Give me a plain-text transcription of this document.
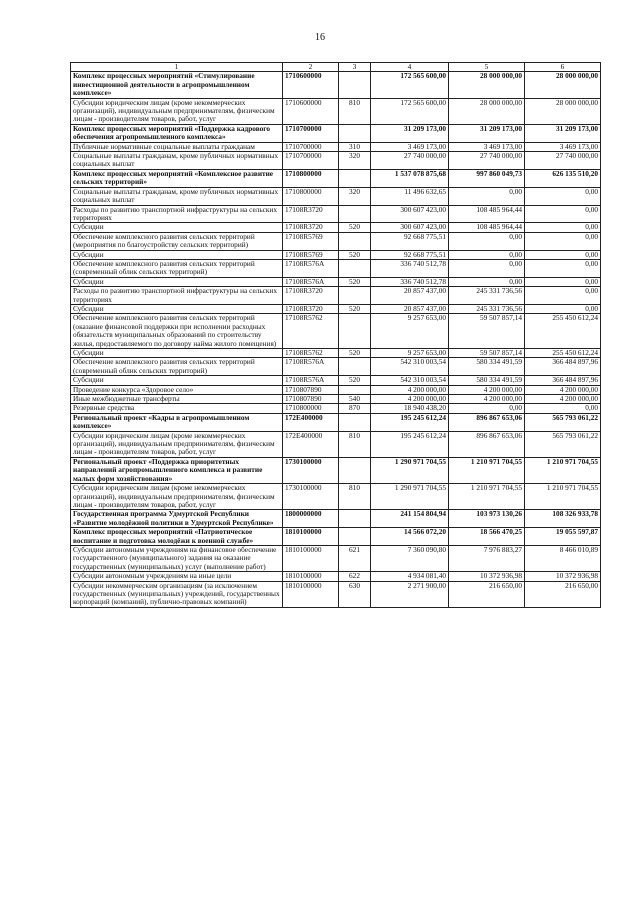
16
1	2	3	4	5	6
Комплекс процессных мероприятий «Стимулирование инвестиционной деятельности в агропромышленном комплексе»	1710600000		172 565 600,00	28 000 000,00	28 000 000,00
Субсидии юридическим лицам (кроме некоммерческих организаций), индивидуальным предпринимателям, физическим лицам - производителям товаров, работ, услуг	1710600000	810	172 565 600,00	28 000 000,00	28 000 000,00
Комплекс процессных мероприятий «Поддержка кадрового обеспечения агропромышленного комплекса»	1710700000		31 209 173,00	31 209 173,00	31 209 173,00
Публичные нормативные социальные выплаты гражданам	1710700000	310	3 469 173,00	3 469 173,00	3 469 173,00
Социальные выплаты гражданам, кроме публичных нормативных социальных выплат	1710700000	320	27 740 000,00	27 740 000,00	27 740 000,00
Комплекс процессных мероприятий «Комплексное развитие сельских территорий»	1710800000		1 537 078 875,68	997 860 049,73	626 135 510,20
Социальные выплаты гражданам, кроме публичных нормативных социальных выплат	1710800000	320	11 496 632,65	0,00	0,00
Расходы по развитию транспортной инфраструктуры на сельских территориях	17108R3720		300 607 423,00	108 485 964,44	0,00
Субсидии	17108R3720	520	300 607 423,00	108 485 964,44	0,00
Обеспечение комплексного развития сельских территорий (мероприятия по благоустройству сельских территорий)	17108R5769		92 668 775,51	0,00	0,00
Субсидии	17108R5769	520	92 668 775,51	0,00	0,00
Обеспечение комплексного развития сельских территорий (современный облик сельских территорий)	17108R576A		336 740 512,78	0,00	0,00
Субсидии	17108R576A	520	336 740 512,78	0,00	0,00
Расходы по развитию транспортной инфраструктуры на сельских территориях	17108R3720		20 857 437,00	245 331 736,56	0,00
Субсидии	17108R3720	520	20 857 437,00	245 331 736,56	0,00
Обеспечение комплексного развития сельских территорий (оказание финансовой поддержки при исполнении расходных обязательств муниципальных образований по строительству жилья, предоставляемого по договору найма жилого помещения)	17108R5762		9 257 653,00	59 507 857,14	255 450 612,24
Субсидии	17108R5762	520	9 257 653,00	59 507 857,14	255 450 612,24
Обеспечение комплексного развития сельских территорий (современный облик сельских территорий)	17108R576A		542 310 003,54	580 334 491,59	366 484 897,96
Субсидии	17108R576A	520	542 310 003,54	580 334 491,59	366 484 897,96
Проведение конкурса «Здоровое село»	1710807890		4 200 000,00	4 200 000,00	4 200 000,00
Иные межбюджетные трансферты	1710807890	540	4 200 000,00	4 200 000,00	4 200 000,00
Резервные средства	1710800000	870	18 940 438,20	0,00	0,00
Региональный проект «Кадры в агропромышленном комплексе»	172E400000		195 245 612,24	896 867 653,06	565 793 061,22
Субсидии юридическим лицам (кроме некоммерческих организаций), индивидуальным предпринимателям, физическим лицам - производителям товаров, работ, услуг	172E400000	810	195 245 612,24	896 867 653,06	565 793 061,22
Региональный проект «Поддержка приоритетных направлений агропромышленного комплекса и развитие малых форм хозяйствования»	1730100000		1 290 971 704,55	1 210 971 704,55	1 210 971 704,55
Субсидии юридическим лицам (кроме некоммерческих организаций), индивидуальным предпринимателям, физическим лицам - производителям товаров, работ, услуг	1730100000	810	1 290 971 704,55	1 210 971 704,55	1 210 971 704,55
Государственная программа Удмуртской Республики «Развитие молодёжной политики в Удмуртской Республике»	1800000000		241 154 804,94	103 973 130,26	108 326 933,78
Комплекс процессных мероприятий «Патриотическое воспитание и подготовка молодёжи к военной службе»	1810100000		14 566 072,20	18 566 470,25	19 055 597,87
Субсидии автономным учреждениям на финансовое обеспечение государственного (муниципального) задания на оказание государственных (муниципальных) услуг (выполнение работ)	1810100000	621	7 360 090,80	7 976 883,27	8 466 010,89
Субсидии автономным учреждениям на иные цели	1810100000	622	4 934 081,40	10 372 936,98	10 372 936,98
Субсидии некоммерческим организациям (за исключением государственных (муниципальных) учреждений, государственных корпораций (компаний), публично-правовых компаний)	1810100000	630	2 271 900,00	216 650,00	216 650,00
